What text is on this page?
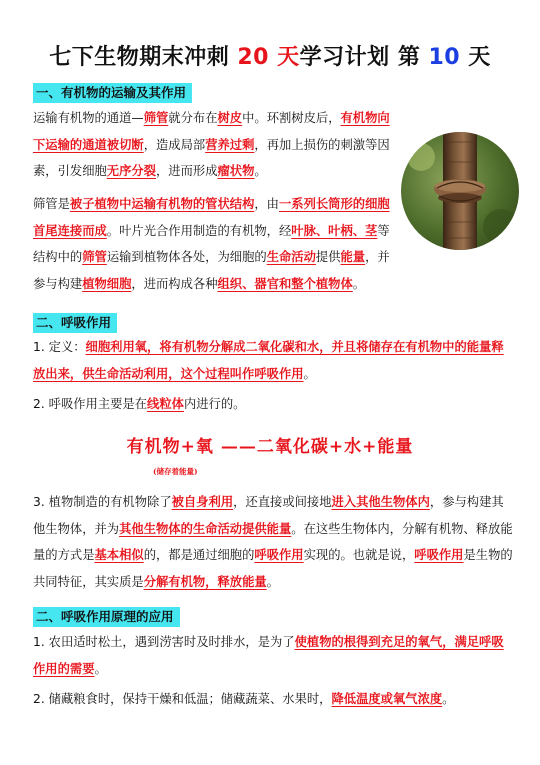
七下生物期末冲刺 20 天学习计划 第 10 天
一、有机物的运输及其作用
运输有机物的通道—筛管就分布在树皮中。环割树皮后，有机物向下运输的通道被切断，造成局部营养过剩，再加上损伤的刺激等因素，引发细胞无序分裂，进而形成瘤状物。
筛管是被子植物中运输有机物的管状结构，由一系列长筒形的细胞首尾连接而成。叶片光合作用制造的有机物，经叶脉、叶柄、茎等结构中的筛管运输到植物体各处，为细胞的生命活动提供能量，并参与构建植物细胞，进而构成各种组织、器官和整个植物体。
二、呼吸作用
1. 定义：细胞利用氧，将有机物分解成二氧化碳和水，并且将储存在有机物中的能量释放出来，供生命活动利用，这个过程叫作呼吸作用。
2. 呼吸作用主要是在线粒体内进行的。
有机物+氧 ——二氧化碳+水+能量
(储存着能量)
3. 植物制造的有机物除了被自身利用，还直接或间接地进入其他生物体内，参与构建其他生物体，并为其他生物体的生命活动提供能量。在这些生物体内，分解有机物、释放能量的方式是基本相似的，都是通过细胞的呼吸作用实现的。也就是说，呼吸作用是生物的共同特征，其实质是分解有机物，释放能量。
二、呼吸作用原理的应用
1. 农田适时松土，遇到涝害时及时排水，是为了使植物的根得到充足的氧气，满足呼吸作用的需要。
2. 储藏粮食时，保持干燥和低温；储藏蔬菜、水果时，降低温度或氧气浓度。
